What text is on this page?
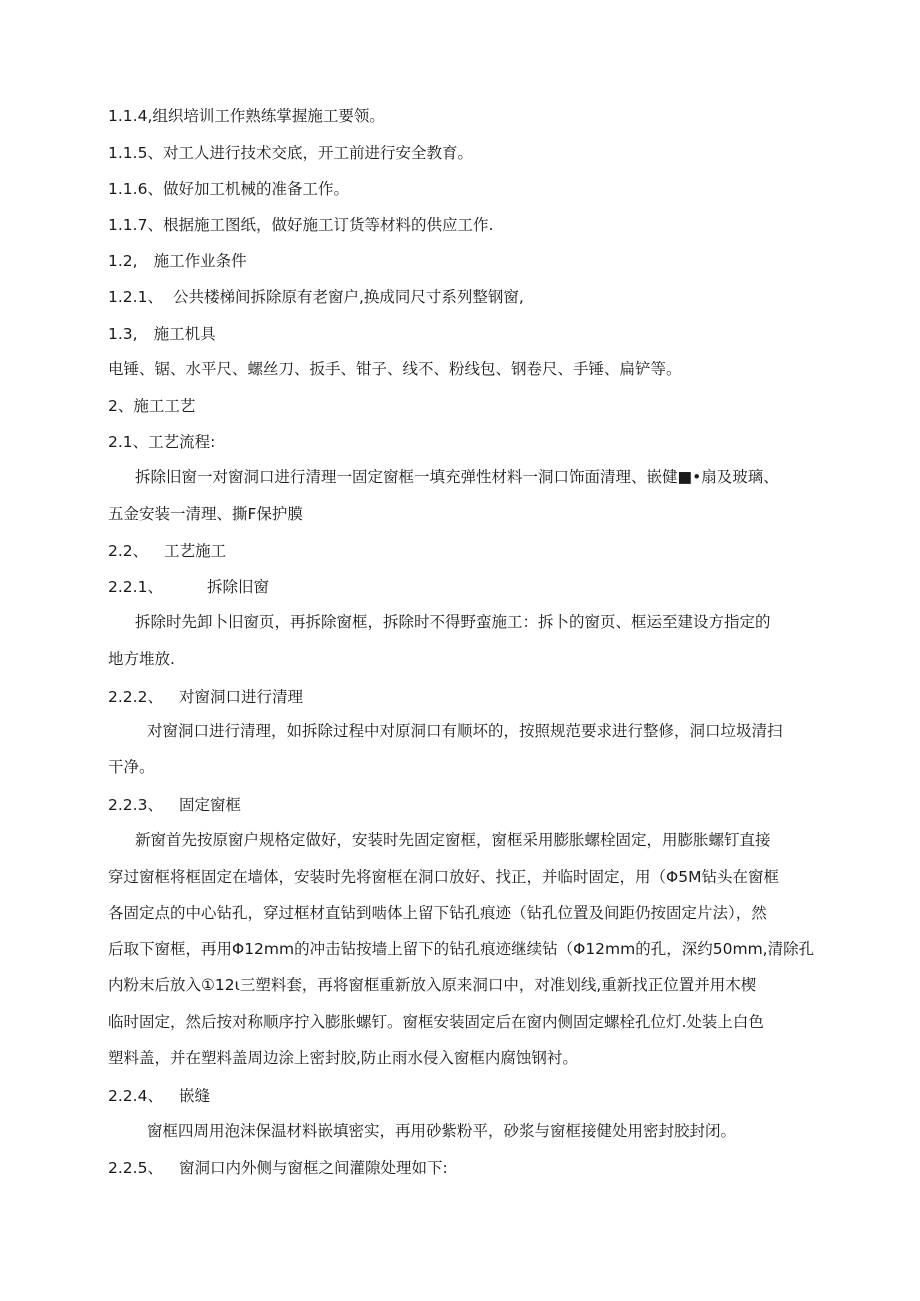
1.1.4,组织培训工作熟练掌握施工要领。
1.1.5、对工人进行技术交底，开工前进行安全教育。
1.1.6、做好加工机械的准备工作。
1.1.7、根据施工图纸，做好施工订货等材料的供应工作.
1.2, 施工作业条件
1.2.1、 公共楼梯间拆除原有老窗户,换成同尺寸系列整钢窗,
1.3, 施工机具
电锤、锯、水平尺、螺丝刀、扳手、钳子、线不、粉线包、钢卷尺、手锤、扁铲等。
2、施工工艺
2.1、工艺流程:
拆除旧窗一对窗洞口进行清理一固定窗框一填充弹性材料一洞口饰面清理、嵌健■•扇及玻璃、
五金安装一清理、撕F保护膜
2.2、 工艺施工
2.2.1、	拆除旧窗
拆除时先卸卜旧窗页，再拆除窗框，拆除时不得野蛮施工：拆卜的窗页、框运至建设方指定的
地方堆放.
2.2.2、 对窗洞口进行清理
对窗洞口进行清理，如拆除过程中对原洞口有顺坏的，按照规范要求进行整修，洞口垃圾清扫
干净。
2.2.3、 固定窗框
新窗首先按原窗户规格定做好，安装时先固定窗框，窗框采用膨胀螺栓固定，用膨胀螺钉直接
穿过窗框将框固定在墙体，安装时先将窗框在洞口放好、找正，并临时固定，用（Φ5M钻头在窗框
各固定点的中心钻孔，穿过框材直钻到啮体上留下钻孔痕迹（钻孔位置及间距仍按固定片法），然
后取下窗框，再用Φ12mm的冲击钻按墙上留下的钻孔痕迹继续钻（Φ12mm的孔，深约50mm,清除孔
内粉末后放入①12ι三塑料套，再将窗框重新放入原来洞口中，对准划线,重新找正位置并用木楔
临时固定，然后按对称顺序拧入膨胀螺钉。窗框安装固定后在窗内侧固定螺栓孔位灯.处装上白色
塑料盖，并在塑料盖周边涂上密封胶,防止雨水侵入窗框内腐蚀钢衬。
2.2.4、 嵌缝
窗框四周用泡沫保温材料嵌填密实，再用砂紫粉平，砂浆与窗框接健处用密封胶封闭。
2.2.5、 窗洞口内外侧与窗框之间灌隙处理如下:
